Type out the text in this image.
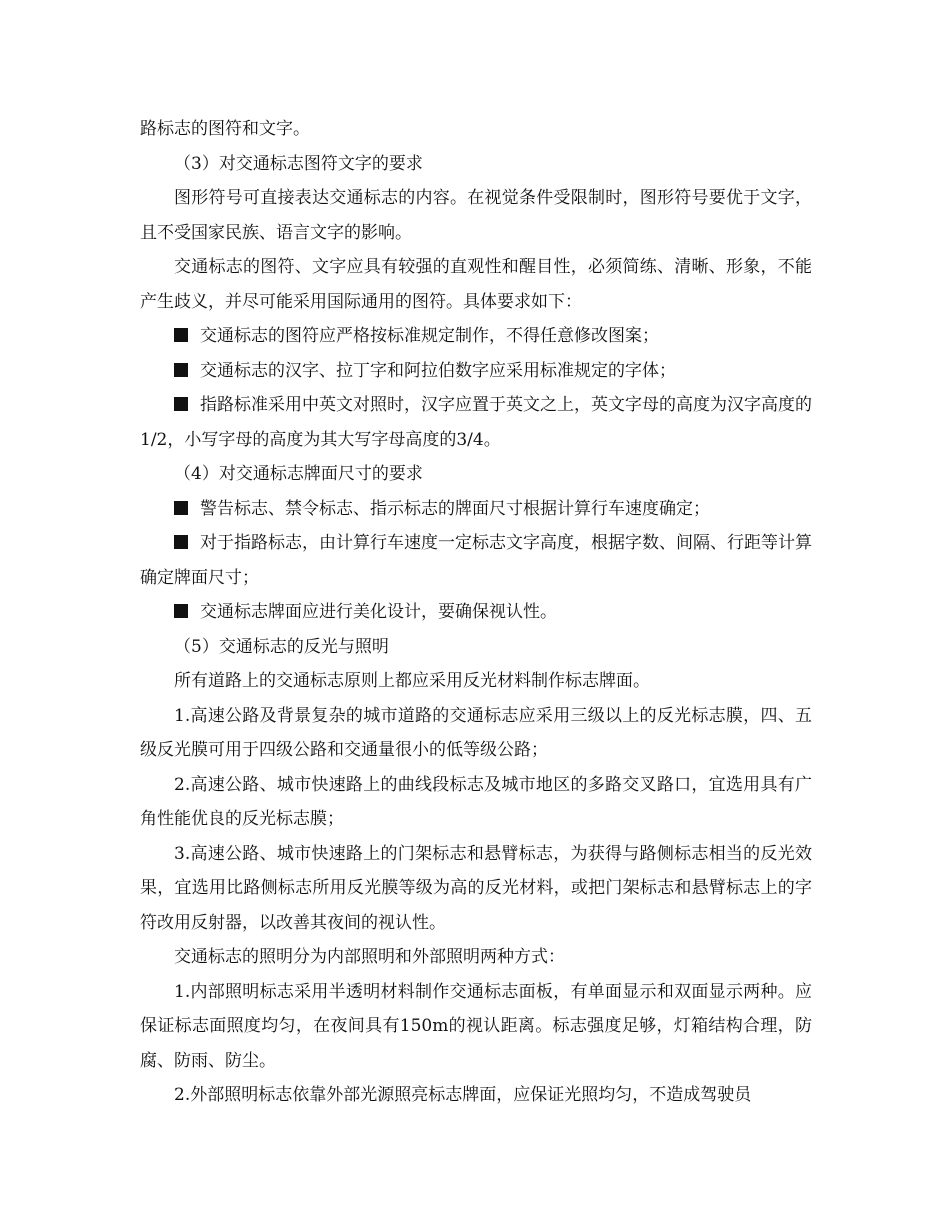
路标志的图符和文字。

（3）对交通标志图符文字的要求

图形符号可直接表达交通标志的内容。在视觉条件受限制时，图形符号要优于文字，且不受国家民族、语言文字的影响。

交通标志的图符、文字应具有较强的直观性和醒目性，必须简练、清晰、形象，不能产生歧义，并尽可能采用国际通用的图符。具体要求如下：

交通标志的图符应严格按标准规定制作，不得任意修改图案；

交通标志的汉字、拉丁字和阿拉伯数字应采用标准规定的字体；

指路标准采用中英文对照时，汉字应置于英文之上，英文字母的高度为汉字高度的1/2，小写字母的高度为其大写字母高度的3/4。

（4）对交通标志牌面尺寸的要求

警告标志、禁令标志、指示标志的牌面尺寸根据计算行车速度确定；

对于指路标志，由计算行车速度一定标志文字高度，根据字数、间隔、行距等计算确定牌面尺寸；

交通标志牌面应进行美化设计，要确保视认性。

（5）交通标志的反光与照明

所有道路上的交通标志原则上都应采用反光材料制作标志牌面。

1.高速公路及背景复杂的城市道路的交通标志应采用三级以上的反光标志膜，四、五级反光膜可用于四级公路和交通量很小的低等级公路；

2.高速公路、城市快速路上的曲线段标志及城市地区的多路交叉路口，宜选用具有广角性能优良的反光标志膜；

3.高速公路、城市快速路上的门架标志和悬臂标志，为获得与路侧标志相当的反光效果，宜选用比路侧标志所用反光膜等级为高的反光材料，或把门架标志和悬臂标志上的字符改用反射器，以改善其夜间的视认性。

交通标志的照明分为内部照明和外部照明两种方式：

1.内部照明标志采用半透明材料制作交通标志面板，有单面显示和双面显示两种。应保证标志面照度均匀，在夜间具有150m的视认距离。标志强度足够，灯箱结构合理，防腐、防雨、防尘。

2.外部照明标志依靠外部光源照亮标志牌面，应保证光照均匀，不造成驾驶员
